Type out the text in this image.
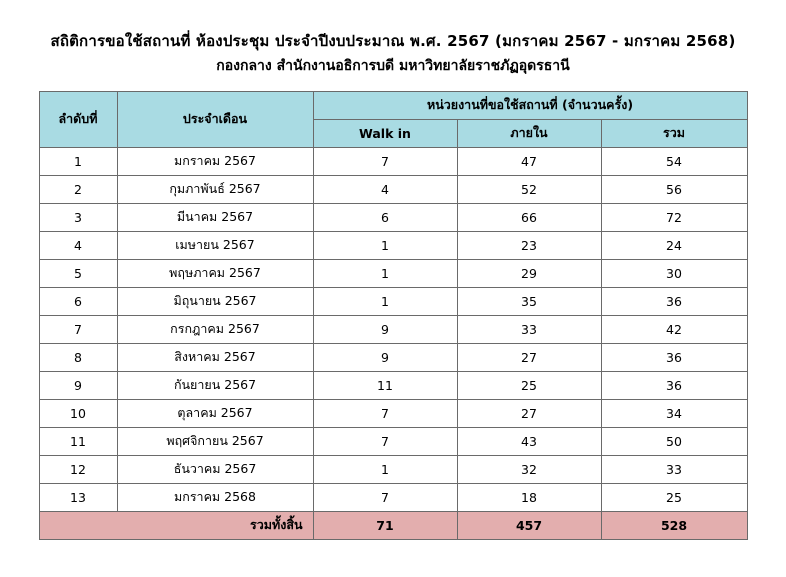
สถิติการขอใช้สถานที่ ห้องประชุม ประจำปีงบประมาณ พ.ศ. 2567 (มกราคม 2567 - มกราคม 2568)
กองกลาง สำนักงานอธิการบดี มหาวิทยาลัยราชภัฏอุดรธานี
ลำดับที่	ประจำเดือน	หน่วยงานที่ขอใช้สถานที่ (จำนวนครั้ง)		
		Walk in	ภายใน	รวม
1	มกราคม 2567	7	47	54
2	กุมภาพันธ์ 2567	4	52	56
3	มีนาคม 2567	6	66	72
4	เมษายน 2567	1	23	24
5	พฤษภาคม 2567	1	29	30
6	มิถุนายน 2567	1	35	36
7	กรกฎาคม 2567	9	33	42
8	สิงหาคม 2567	9	27	36
9	กันยายน 2567	11	25	36
10	ตุลาคม 2567	7	27	34
11	พฤศจิกายน 2567	7	43	50
12	ธันวาคม 2567	1	32	33
13	มกราคม 2568	7	18	25
รวมทั้งสิ้น		71	457	528
